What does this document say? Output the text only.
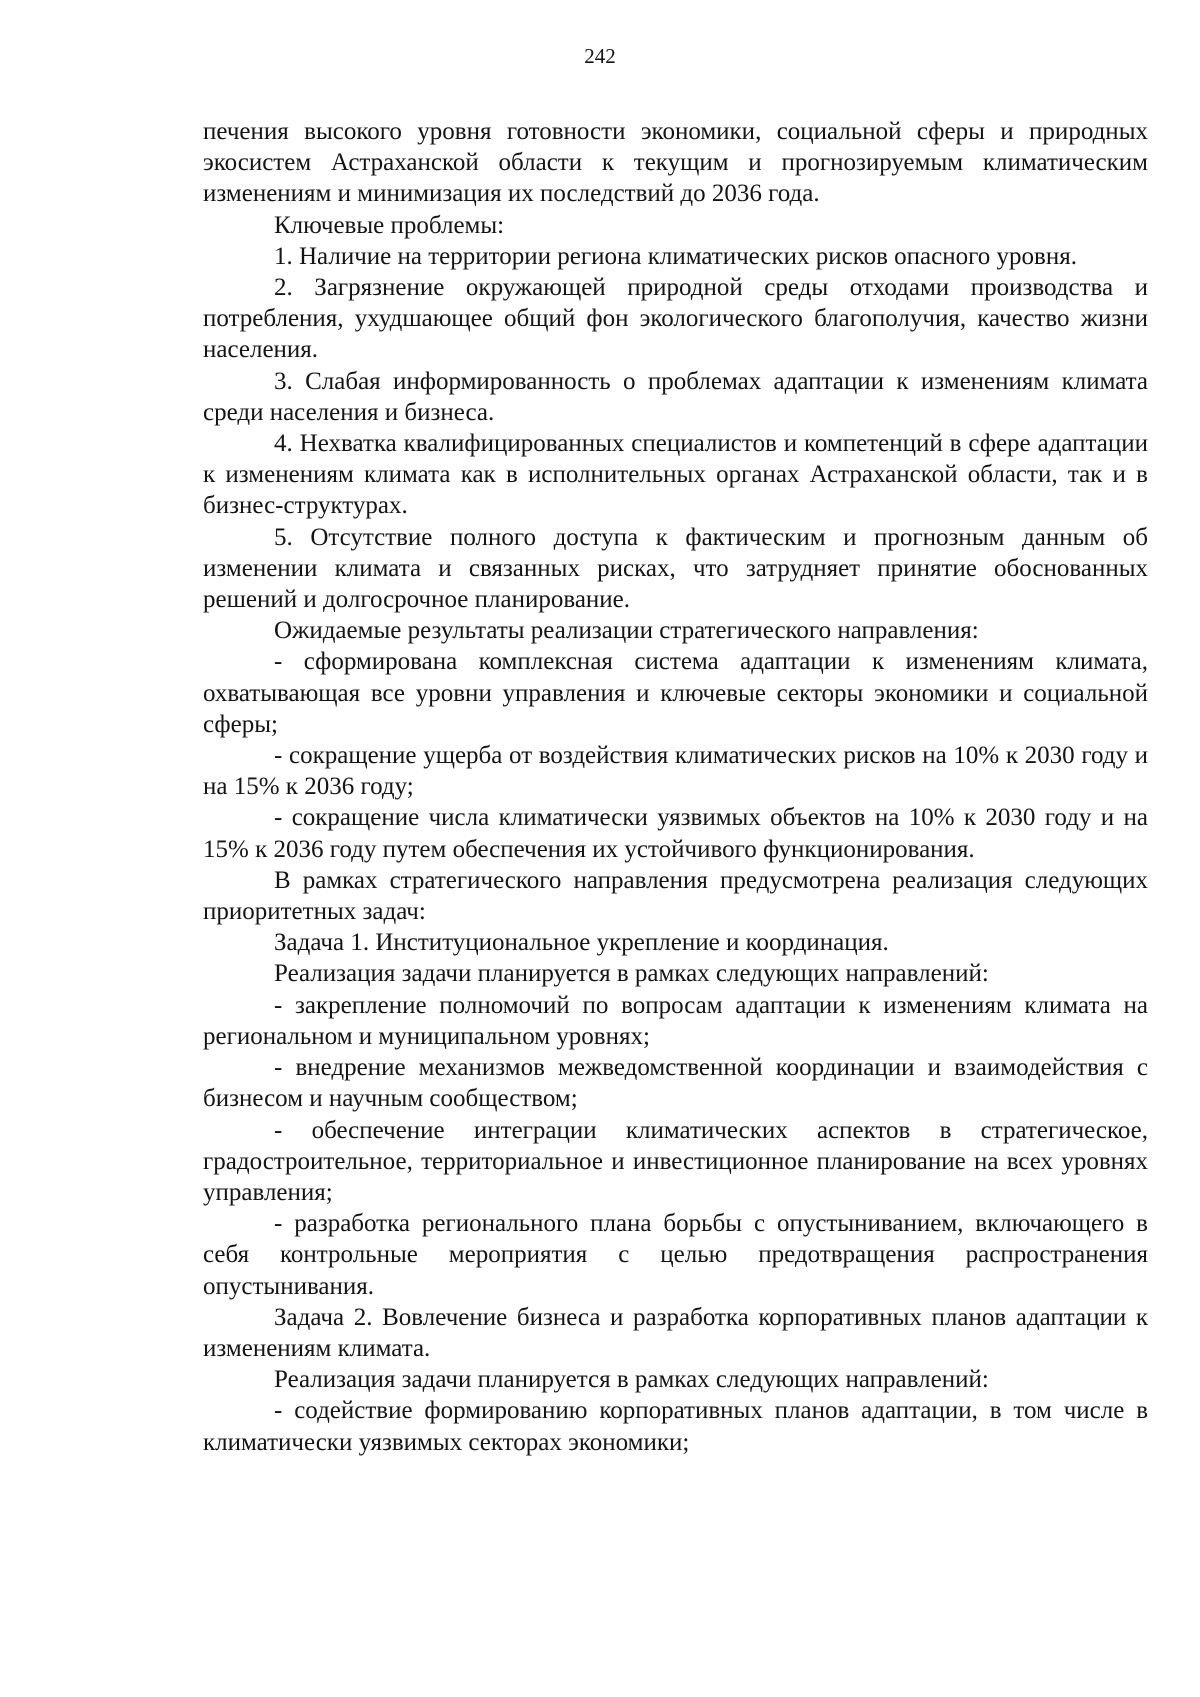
242

печения высокого уровня готовности экономики, социальной сферы и природных экосистем Астраханской области к текущим и прогнозируемым климатическим изменениям и минимизация их последствий до 2036 года.

Ключевые проблемы:

1. Наличие на территории региона климатических рисков опасного уровня.

2. Загрязнение окружающей природной среды отходами производства и потребления, ухудшающее общий фон экологического благополучия, качество жизни населения.

3. Слабая информированность о проблемах адаптации к изменениям климата среди населения и бизнеса.

4. Нехватка квалифицированных специалистов и компетенций в сфере адаптации к изменениям климата как в исполнительных органах Астраханской области, так и в бизнес-структурах.

5. Отсутствие полного доступа к фактическим и прогнозным данным об изменении климата и связанных рисках, что затрудняет принятие обоснованных решений и долгосрочное планирование.

Ожидаемые результаты реализации стратегического направления:

- сформирована комплексная система адаптации к изменениям климата, охватывающая все уровни управления и ключевые секторы экономики и социальной сферы;

- сокращение ущерба от воздействия климатических рисков на 10% к 2030 году и на 15% к 2036 году;

- сокращение числа климатически уязвимых объектов на 10% к 2030 году и на 15% к 2036 году путем обеспечения их устойчивого функционирования.

В рамках стратегического направления предусмотрена реализация следующих приоритетных задач:

Задача 1. Институциональное укрепление и координация.

Реализация задачи планируется в рамках следующих направлений:

- закрепление полномочий по вопросам адаптации к изменениям климата на региональном и муниципальном уровнях;

- внедрение механизмов межведомственной координации и взаимодействия с бизнесом и научным сообществом;

- обеспечение интеграции климатических аспектов в стратегическое, градостроительное, территориальное и инвестиционное планирование на всех уровнях управления;

- разработка регионального плана борьбы с опустыниванием, включающего в себя контрольные мероприятия с целью предотвращения распространения опустынивания.

Задача 2. Вовлечение бизнеса и разработка корпоративных планов адаптации к изменениям климата.

Реализация задачи планируется в рамках следующих направлений:

- содействие формированию корпоративных планов адаптации, в том числе в климатически уязвимых секторах экономики;
